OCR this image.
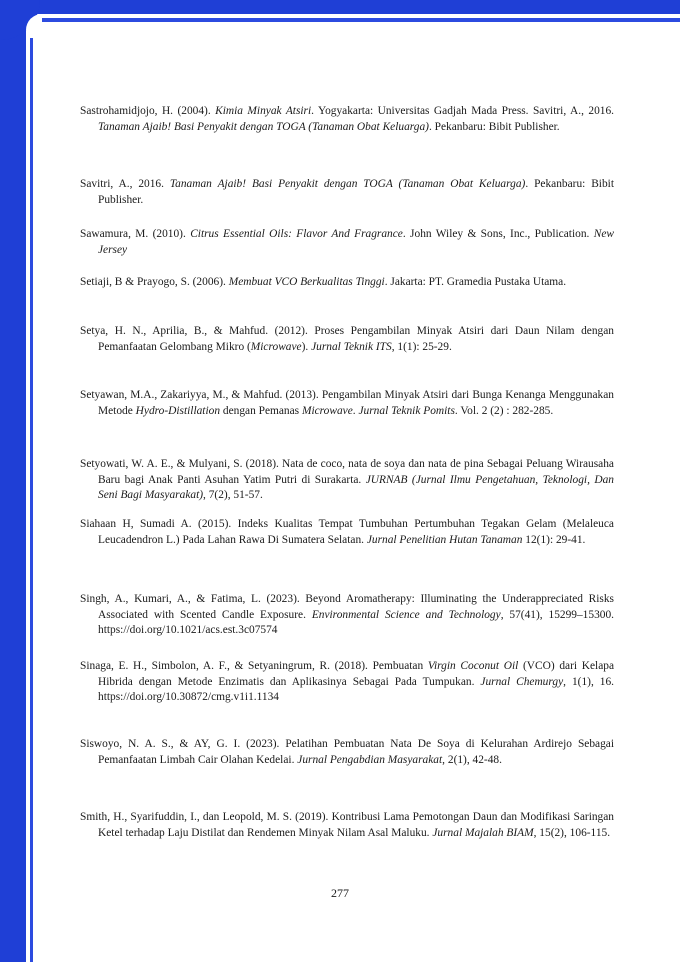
Sastrohamidjojo, H. (2004). Kimia Minyak Atsiri. Yogyakarta: Universitas Gadjah Mada Press. Savitri, A., 2016. Tanaman Ajaib! Basi Penyakit dengan TOGA (Tanaman Obat Keluarga). Pekanbaru: Bibit Publisher.

Savitri, A., 2016. Tanaman Ajaib! Basi Penyakit dengan TOGA (Tanaman Obat Keluarga). Pekanbaru: Bibit Publisher.

Sawamura, M. (2010). Citrus Essential Oils: Flavor And Fragrance. John Wiley & Sons, Inc., Publication. New Jersey

Setiaji, B & Prayogo, S. (2006). Membuat VCO Berkualitas Tinggi. Jakarta: PT. Gramedia Pustaka Utama.

Setya, H. N., Aprilia, B., & Mahfud. (2012). Proses Pengambilan Minyak Atsiri dari Daun Nilam dengan Pemanfaatan Gelombang Mikro (Microwave). Jurnal Teknik ITS, 1(1): 25-29.

Setyawan, M.A., Zakariyya, M., & Mahfud. (2013). Pengambilan Minyak Atsiri dari Bunga Kenanga Menggunakan Metode Hydro-Distillation dengan Pemanas Microwave. Jurnal Teknik Pomits. Vol. 2 (2) : 282-285.

Setyowati, W. A. E., & Mulyani, S. (2018). Nata de coco, nata de soya dan nata de pina Sebagai Peluang Wirausaha Baru bagi Anak Panti Asuhan Yatim Putri di Surakarta. JURNAB (Jurnal Ilmu Pengetahuan, Teknologi, Dan Seni Bagi Masyarakat), 7(2), 51-57.

Siahaan H, Sumadi A. (2015). Indeks Kualitas Tempat Tumbuhan Pertumbuhan Tegakan Gelam (Melaleuca Leucadendron L.) Pada Lahan Rawa Di Sumatera Selatan. Jurnal Penelitian Hutan Tanaman 12(1): 29-41.

Singh, A., Kumari, A., & Fatima, L. (2023). Beyond Aromatherapy: Illuminating the Underappreciated Risks Associated with Scented Candle Exposure. Environmental Science and Technology, 57(41), 15299–15300. https://doi.org/10.1021/acs.est.3c07574

Sinaga, E. H., Simbolon, A. F., & Setyaningrum, R. (2018). Pembuatan Virgin Coconut Oil (VCO) dari Kelapa Hibrida dengan Metode Enzimatis dan Aplikasinya Sebagai Pada Tumpukan. Jurnal Chemurgy, 1(1), 16. https://doi.org/10.30872/cmg.v1i1.1134

Siswoyo, N. A. S., & AY, G. I. (2023). Pelatihan Pembuatan Nata De Soya di Kelurahan Ardirejo Sebagai Pemanfaatan Limbah Cair Olahan Kedelai. Jurnal Pengabdian Masyarakat, 2(1), 42-48.

Smith, H., Syarifuddin, I., dan Leopold, M. S. (2019). Kontribusi Lama Pemotongan Daun dan Modifikasi Saringan Ketel terhadap Laju Distilat dan Rendemen Minyak Nilam Asal Maluku. Jurnal Majalah BIAM, 15(2), 106-115.

277
